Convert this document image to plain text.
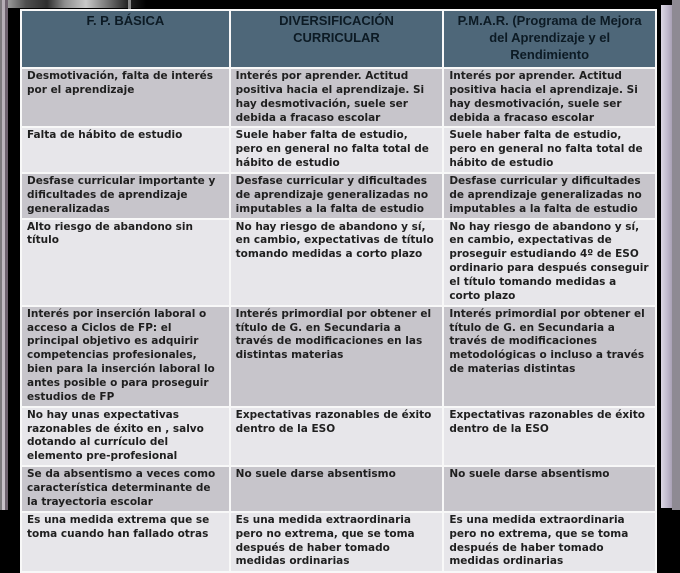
F. P. BÁSICA	DIVERSIFICACIÓN CURRICULAR	P.M.A.R. (Programa de Mejora del Aprendizaje y el Rendimiento
Desmotivación, falta de interés por el aprendizaje	Interés por aprender. Actitud positiva hacia el aprendizaje. Si hay desmotivación, suele ser debida a fracaso escolar	Interés por aprender. Actitud positiva hacia el aprendizaje. Si hay desmotivación, suele ser debida a fracaso escolar
Falta de hábito de estudio	Suele haber falta de estudio, pero en general no falta total de hábito de estudio	Suele haber falta de estudio, pero en general no falta total de hábito de estudio
Desfase curricular importante y dificultades de aprendizaje generalizadas	Desfase curricular y dificultades de aprendizaje generalizadas no imputables a la falta de estudio	Desfase curricular y dificultades de aprendizaje generalizadas no imputables a la falta de estudio
Alto riesgo de abandono sin título	No hay riesgo de abandono y sí, en cambio, expectativas de título tomando medidas a corto plazo	No hay riesgo de abandono y sí, en cambio, expectativas de proseguir estudiando 4º de ESO ordinario para después conseguir el título tomando medidas a corto plazo
Interés por inserción laboral o acceso a Ciclos de FP: el principal objetivo es adquirir competencias profesionales, bien para la inserción laboral lo antes posible o para proseguir estudios de FP	Interés primordial por obtener el título de G. en Secundaria a través de modificaciones en las distintas materias	Interés primordial por obtener el título de G. en Secundaria a través de modificaciones metodológicas o incluso a través de materias distintas
No hay unas expectativas razonables de éxito en , salvo dotando al currículo del elemento pre-profesional	Expectativas razonables de éxito dentro de la ESO	Expectativas razonables de éxito dentro de la ESO
Se da absentismo a veces como característica determinante de la trayectoria escolar	No suele darse absentismo	No suele darse absentismo
Es una medida extrema que se toma cuando han fallado otras	Es una medida extraordinaria pero no extrema, que se toma después de haber tomado medidas ordinarias	Es una medida extraordinaria pero no extrema, que se toma después de haber tomado medidas ordinarias
